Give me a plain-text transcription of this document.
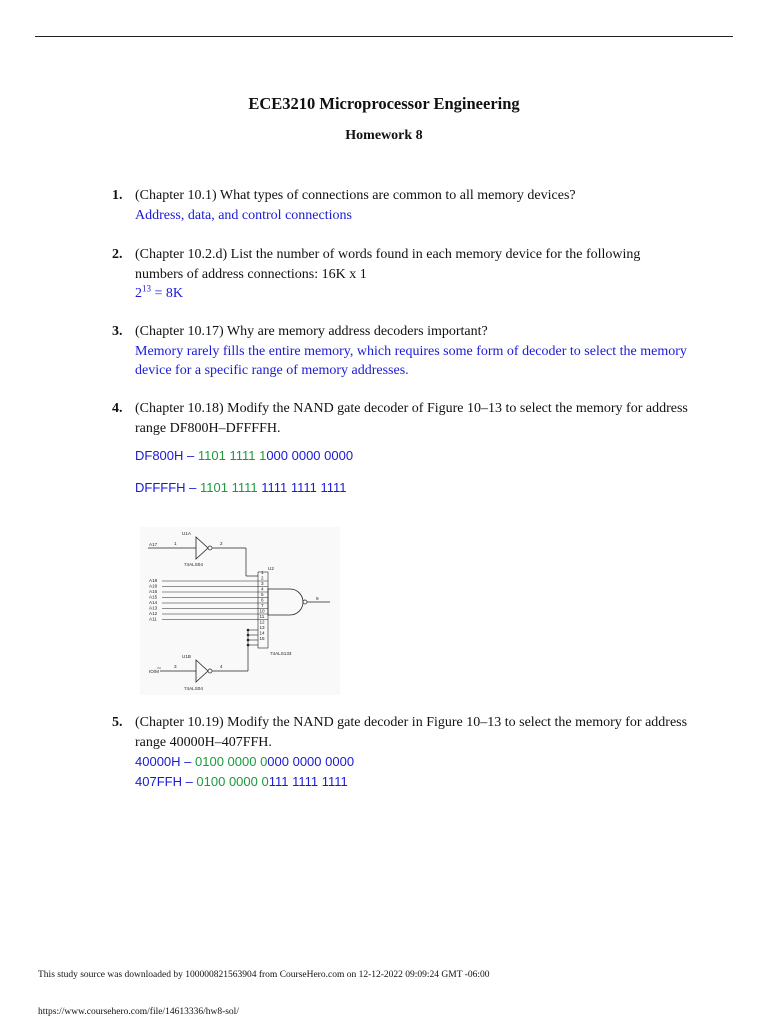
ECE3210 Microprocessor Engineering
Homework 8
1. (Chapter 10.1) What types of connections are common to all memory devices?
Address, data, and control connections
2. (Chapter 10.2.d) List the number of words found in each memory device for the following numbers of address connections: 16K x 1
$2^{13} = 8K$
3. (Chapter 10.17) Why are memory address decoders important?
Memory rarely fills the entire memory, which requires some form of decoder to select the memory device for a specific range of memory addresses.
4. (Chapter 10.18) Modify the NAND gate decoder of Figure 10–13 to select the memory for address range DF800H–DFFFFH.
DF800H – 1101 1111 1000 0000 0000
DFFFFH – 1101 1111 1111 1111 1111
U1A
A17	1	2
74ALS04
U2
1
2
3
4
5
6
7
10
11
12
13
14
15
A18
A19
A16
A15
A14
A13
A12
A11
74ALS133
9
U1B
IO/M
3	4
74ALS04
5. (Chapter 10.19) Modify the NAND gate decoder in Figure 10–13 to select the memory for address range 40000H–407FFH.
40000H – 0100 0000 0000 0000 0000
407FFH – 0100 0000 0111 1111 1111
This study source was downloaded by 100000821563904 from CourseHero.com on 12-12-2022 09:09:24 GMT -06:00
https://www.coursehero.com/file/14613336/hw8-sol/
